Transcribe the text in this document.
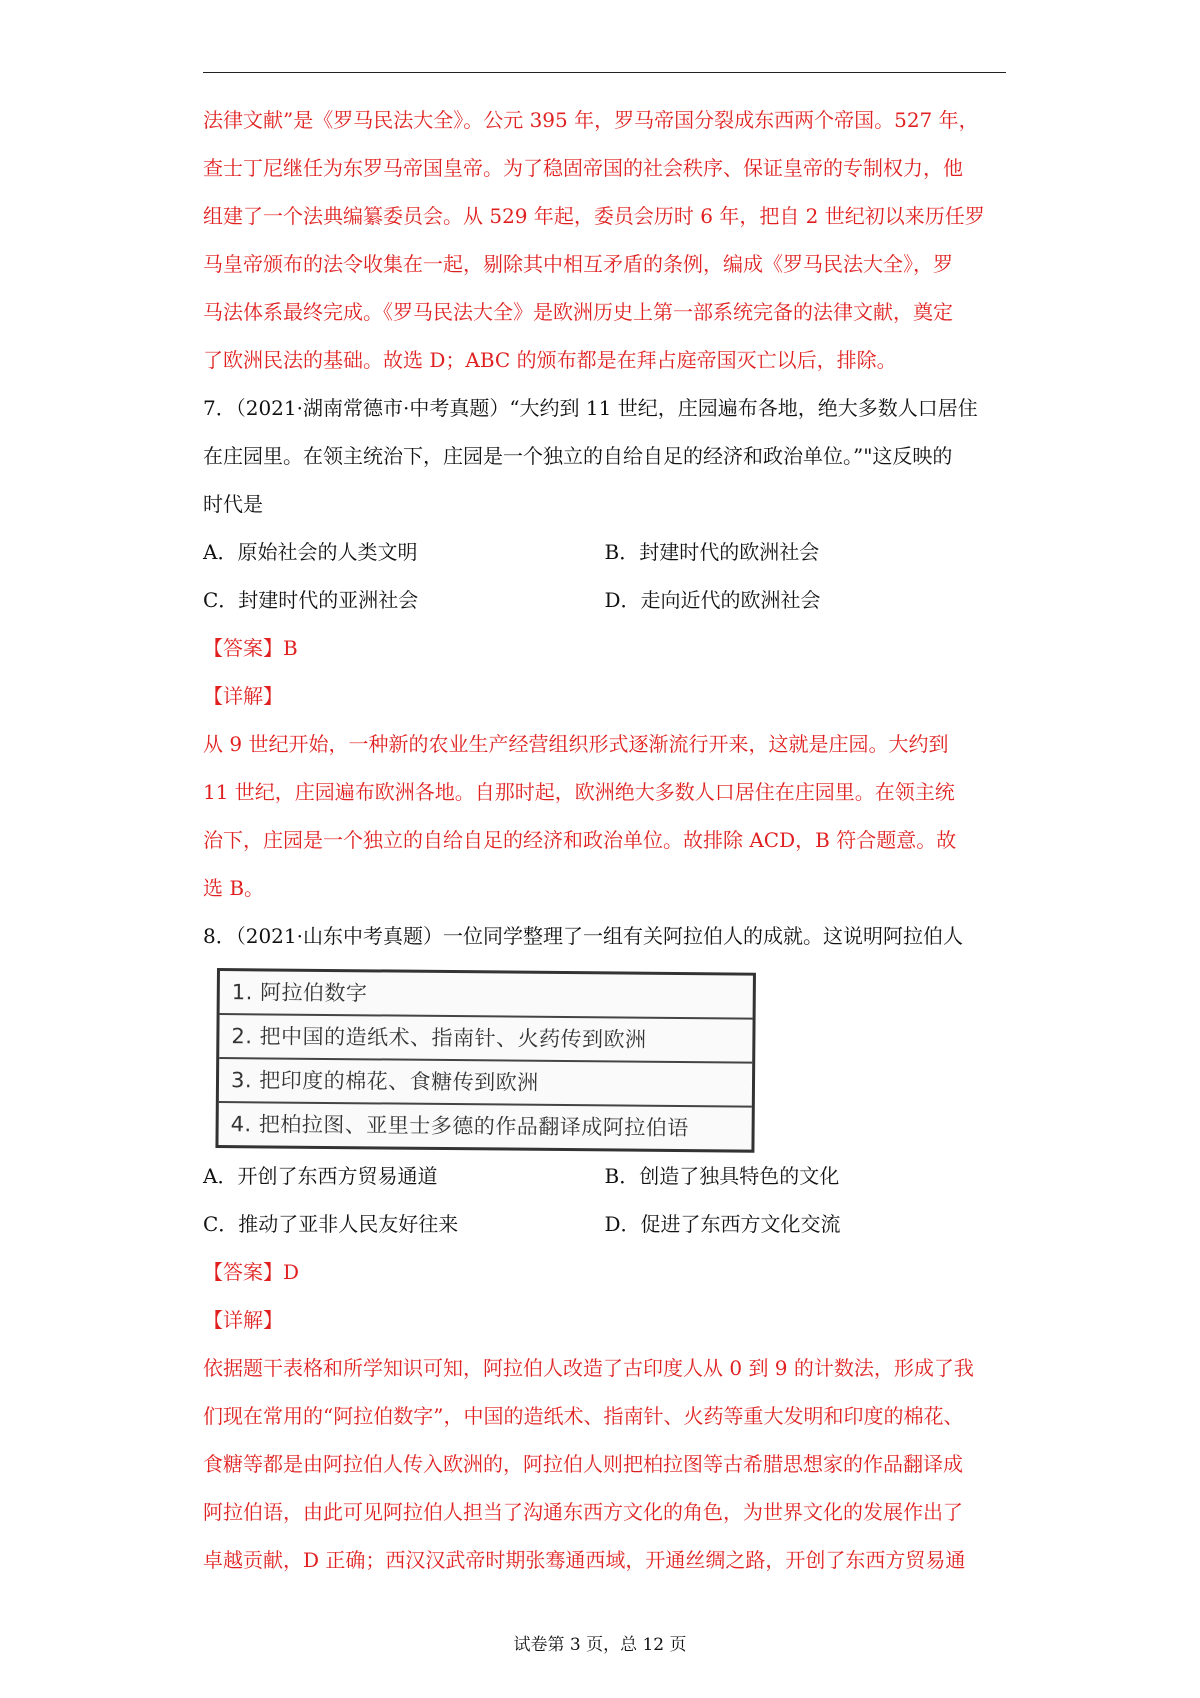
法律文献”是《罗马民法大全》。公元 395 年，罗马帝国分裂成东西两个帝国。527 年，
查士丁尼继任为东罗马帝国皇帝。为了稳固帝国的社会秩序、保证皇帝的专制权力，他
组建了一个法典编纂委员会。从 529 年起，委员会历时 6 年，把自 2 世纪初以来历任罗
马皇帝颁布的法令收集在一起，剔除其中相互矛盾的条例，编成《罗马民法大全》，罗
马法体系最终完成。《罗马民法大全》是欧洲历史上第一部系统完备的法律文献，奠定
了欧洲民法的基础。故选 D；ABC 的颁布都是在拜占庭帝国灭亡以后，排除。
7．（2021·湖南常德市·中考真题）“大约到 11 世纪，庄园遍布各地，绝大多数人口居住
在庄园里。在领主统治下，庄园是一个独立的自给自足的经济和政治单位。”"这反映的
时代是
A．原始社会的人类文明	B．封建时代的欧洲社会
C．封建时代的亚洲社会	D．走向近代的欧洲社会
【答案】B
【详解】
从 9 世纪开始，一种新的农业生产经营组织形式逐渐流行开来，这就是庄园。大约到
11 世纪，庄园遍布欧洲各地。自那时起，欧洲绝大多数人口居住在庄园里。在领主统
治下，庄园是一个独立的自给自足的经济和政治单位。故排除 ACD，B 符合题意。故
选 B。
8．（2021·山东中考真题）一位同学整理了一组有关阿拉伯人的成就。这说明阿拉伯人
1. 阿拉伯数字
2. 把中国的造纸术、指南针、火药传到欧洲
3. 把印度的棉花、食糖传到欧洲
4. 把柏拉图、亚里士多德的作品翻译成阿拉伯语
A．开创了东西方贸易通道	B．创造了独具特色的文化
C．推动了亚非人民友好往来	D．促进了东西方文化交流
【答案】D
【详解】
依据题干表格和所学知识可知，阿拉伯人改造了古印度人从 0 到 9 的计数法，形成了我
们现在常用的“阿拉伯数字”，中国的造纸术、指南针、火药等重大发明和印度的棉花、
食糖等都是由阿拉伯人传入欧洲的，阿拉伯人则把柏拉图等古希腊思想家的作品翻译成
阿拉伯语，由此可见阿拉伯人担当了沟通东西方文化的角色，为世界文化的发展作出了
卓越贡献，D 正确；西汉汉武帝时期张骞通西域，开通丝绸之路，开创了东西方贸易通
试卷第 3 页，总 12 页
